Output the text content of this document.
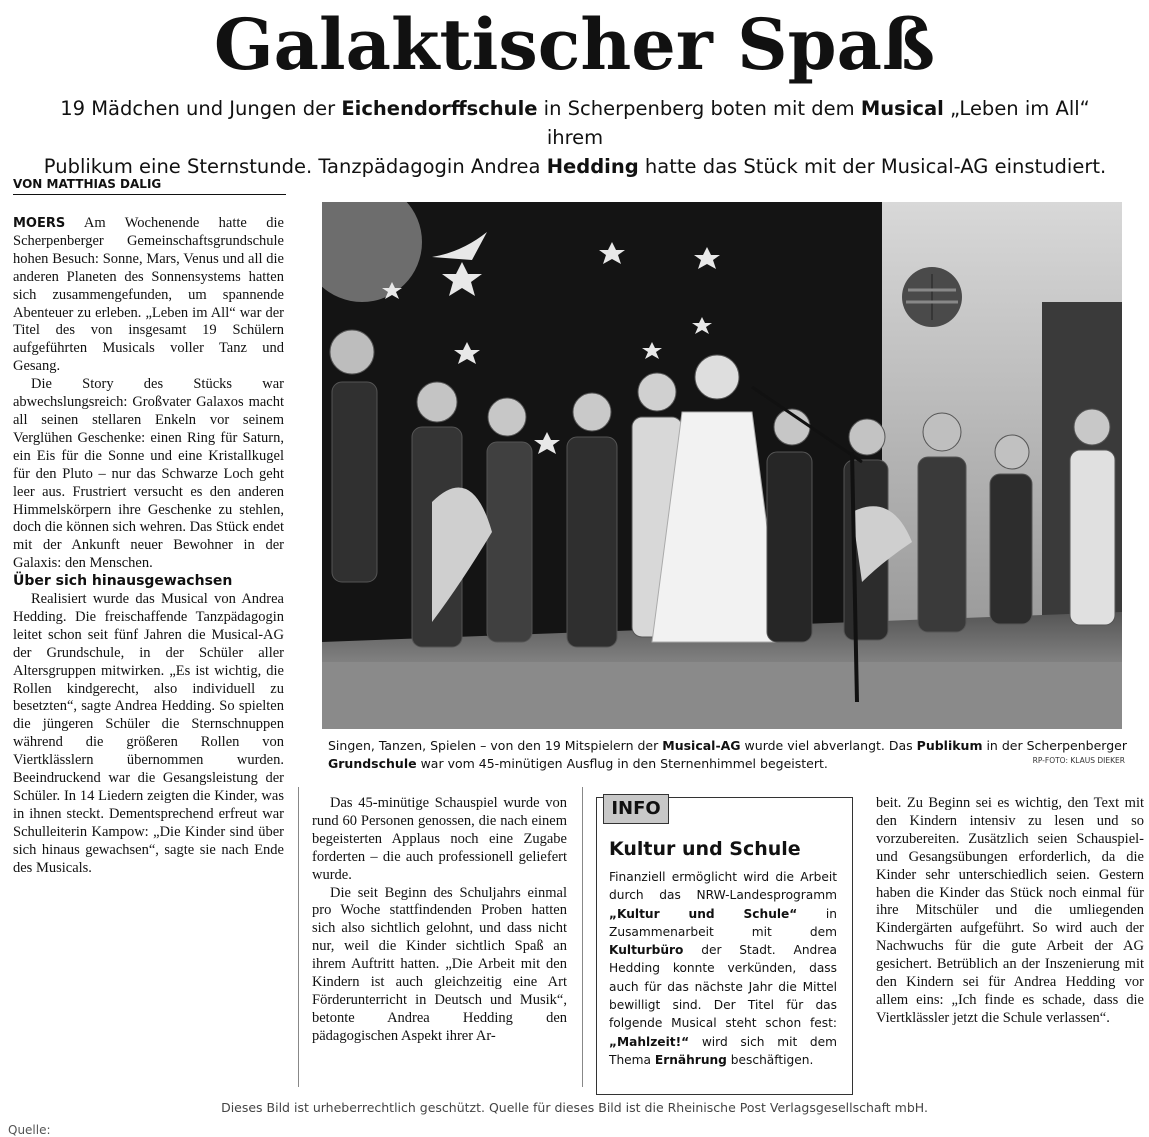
Galaktischer Spaß
19 Mädchen und Jungen der Eichendorffschule in Scherpenberg boten mit dem Musical „Leben im All“ ihrem
Publikum eine Sternstunde. Tanzpädagogin Andrea Hedding hatte das Stück mit der Musical-AG einstudiert.
VON MATTHIAS DALIG

MOERS Am Wochenende hatte die Scherpenberger Gemeinschaftsgrundschule hohen Besuch: Sonne, Mars, Venus und all die anderen Planeten des Sonnensystems hatten sich zusammengefunden, um spannende Abenteuer zu erleben. „Leben im All“ war der Titel des von insgesamt 19 Schülern aufgeführten Musicals voller Tanz und Gesang.

Die Story des Stücks war abwechslungsreich: Großvater Galaxos macht all seinen stellaren Enkeln vor seinem Verglühen Geschenke: einen Ring für Saturn, ein Eis für die Sonne und eine Kristallkugel für den Pluto – nur das Schwarze Loch geht leer aus. Frustriert versucht es den anderen Himmelskörpern ihre Geschenke zu stehlen, doch die können sich wehren. Das Stück endet mit der Ankunft neuer Bewohner in der Galaxis: den Menschen.

Über sich hinausgewachsen

Realisiert wurde das Musical von Andrea Hedding. Die freischaffende Tanzpädagogin leitet schon seit fünf Jahren die Musical-AG der Grundschule, in der Schüler aller Altersgruppen mitwirken. „Es ist wichtig, die Rollen kindgerecht, also individuell zu besetzten“, sagte Andrea Hedding. So spielten die jüngeren Schüler die Sternschnuppen während die größeren Rollen von Viertklässlern übernommen wurden. Beeindruckend war die Gesangsleistung der Schüler. In 14 Liedern zeigten die Kinder, was in ihnen steckt. Dementsprechend erfreut war Schulleiterin Kampow: „Die Kinder sind über sich hinaus gewachsen“, sagte sie nach Ende des Musicals.

Singen, Tanzen, Spielen – von den 19 Mitspielern der Musical-AG wurde viel abverlangt. Das Publikum in der Scherpenberger Grundschule war vom 45-minütigen Ausflug in den Sternenhimmel begeistert.	RP-FOTO: KLAUS DIEKER

Das 45-minütige Schauspiel wurde von rund 60 Personen genossen, die nach einem begeisterten Applaus noch eine Zugabe forderten – die auch professionell geliefert wurde.

Die seit Beginn des Schuljahrs einmal pro Woche stattfindenden Proben hatten sich also sichtlich gelohnt, und dass nicht nur, weil die Kinder sichtlich Spaß an ihrem Auftritt hatten. „Die Arbeit mit den Kindern ist auch gleichzeitig eine Art Förderunterricht in Deutsch und Musik“, betonte Andrea Hedding den pädagogischen Aspekt ihrer Ar-

INFO
Kultur und Schule
Finanziell ermöglicht wird die Arbeit durch das NRW-Landesprogramm „Kultur und Schule“ in Zusammenarbeit mit dem Kulturbüro der Stadt. Andrea Hedding konnte verkünden, dass auch für das nächste Jahr die Mittel bewilligt sind. Der Titel für das folgende Musical steht schon fest: „Mahlzeit!“ wird sich mit dem Thema Ernährung beschäftigen.

beit. Zu Beginn sei es wichtig, den Text mit den Kindern intensiv zu lesen und so vorzubereiten. Zusätzlich seien Schauspiel- und Gesangsübungen erforderlich, da die Kinder sehr unterschiedlich seien. Gestern haben die Kinder das Stück noch einmal für ihre Mitschüler und die umliegenden Kindergärten aufgeführt. So wird auch der Nachwuchs für die gute Arbeit der AG gesichert. Betrüblich an der Inszenierung mit den Kindern sei für Andrea Hedding vor allem eins: „Ich finde es schade, dass die Viertklässler jetzt die Schule verlassen“.

Dieses Bild ist urheberrechtlich geschützt. Quelle für dieses Bild ist die Rheinische Post Verlagsgesellschaft mbH.
Quelle:
